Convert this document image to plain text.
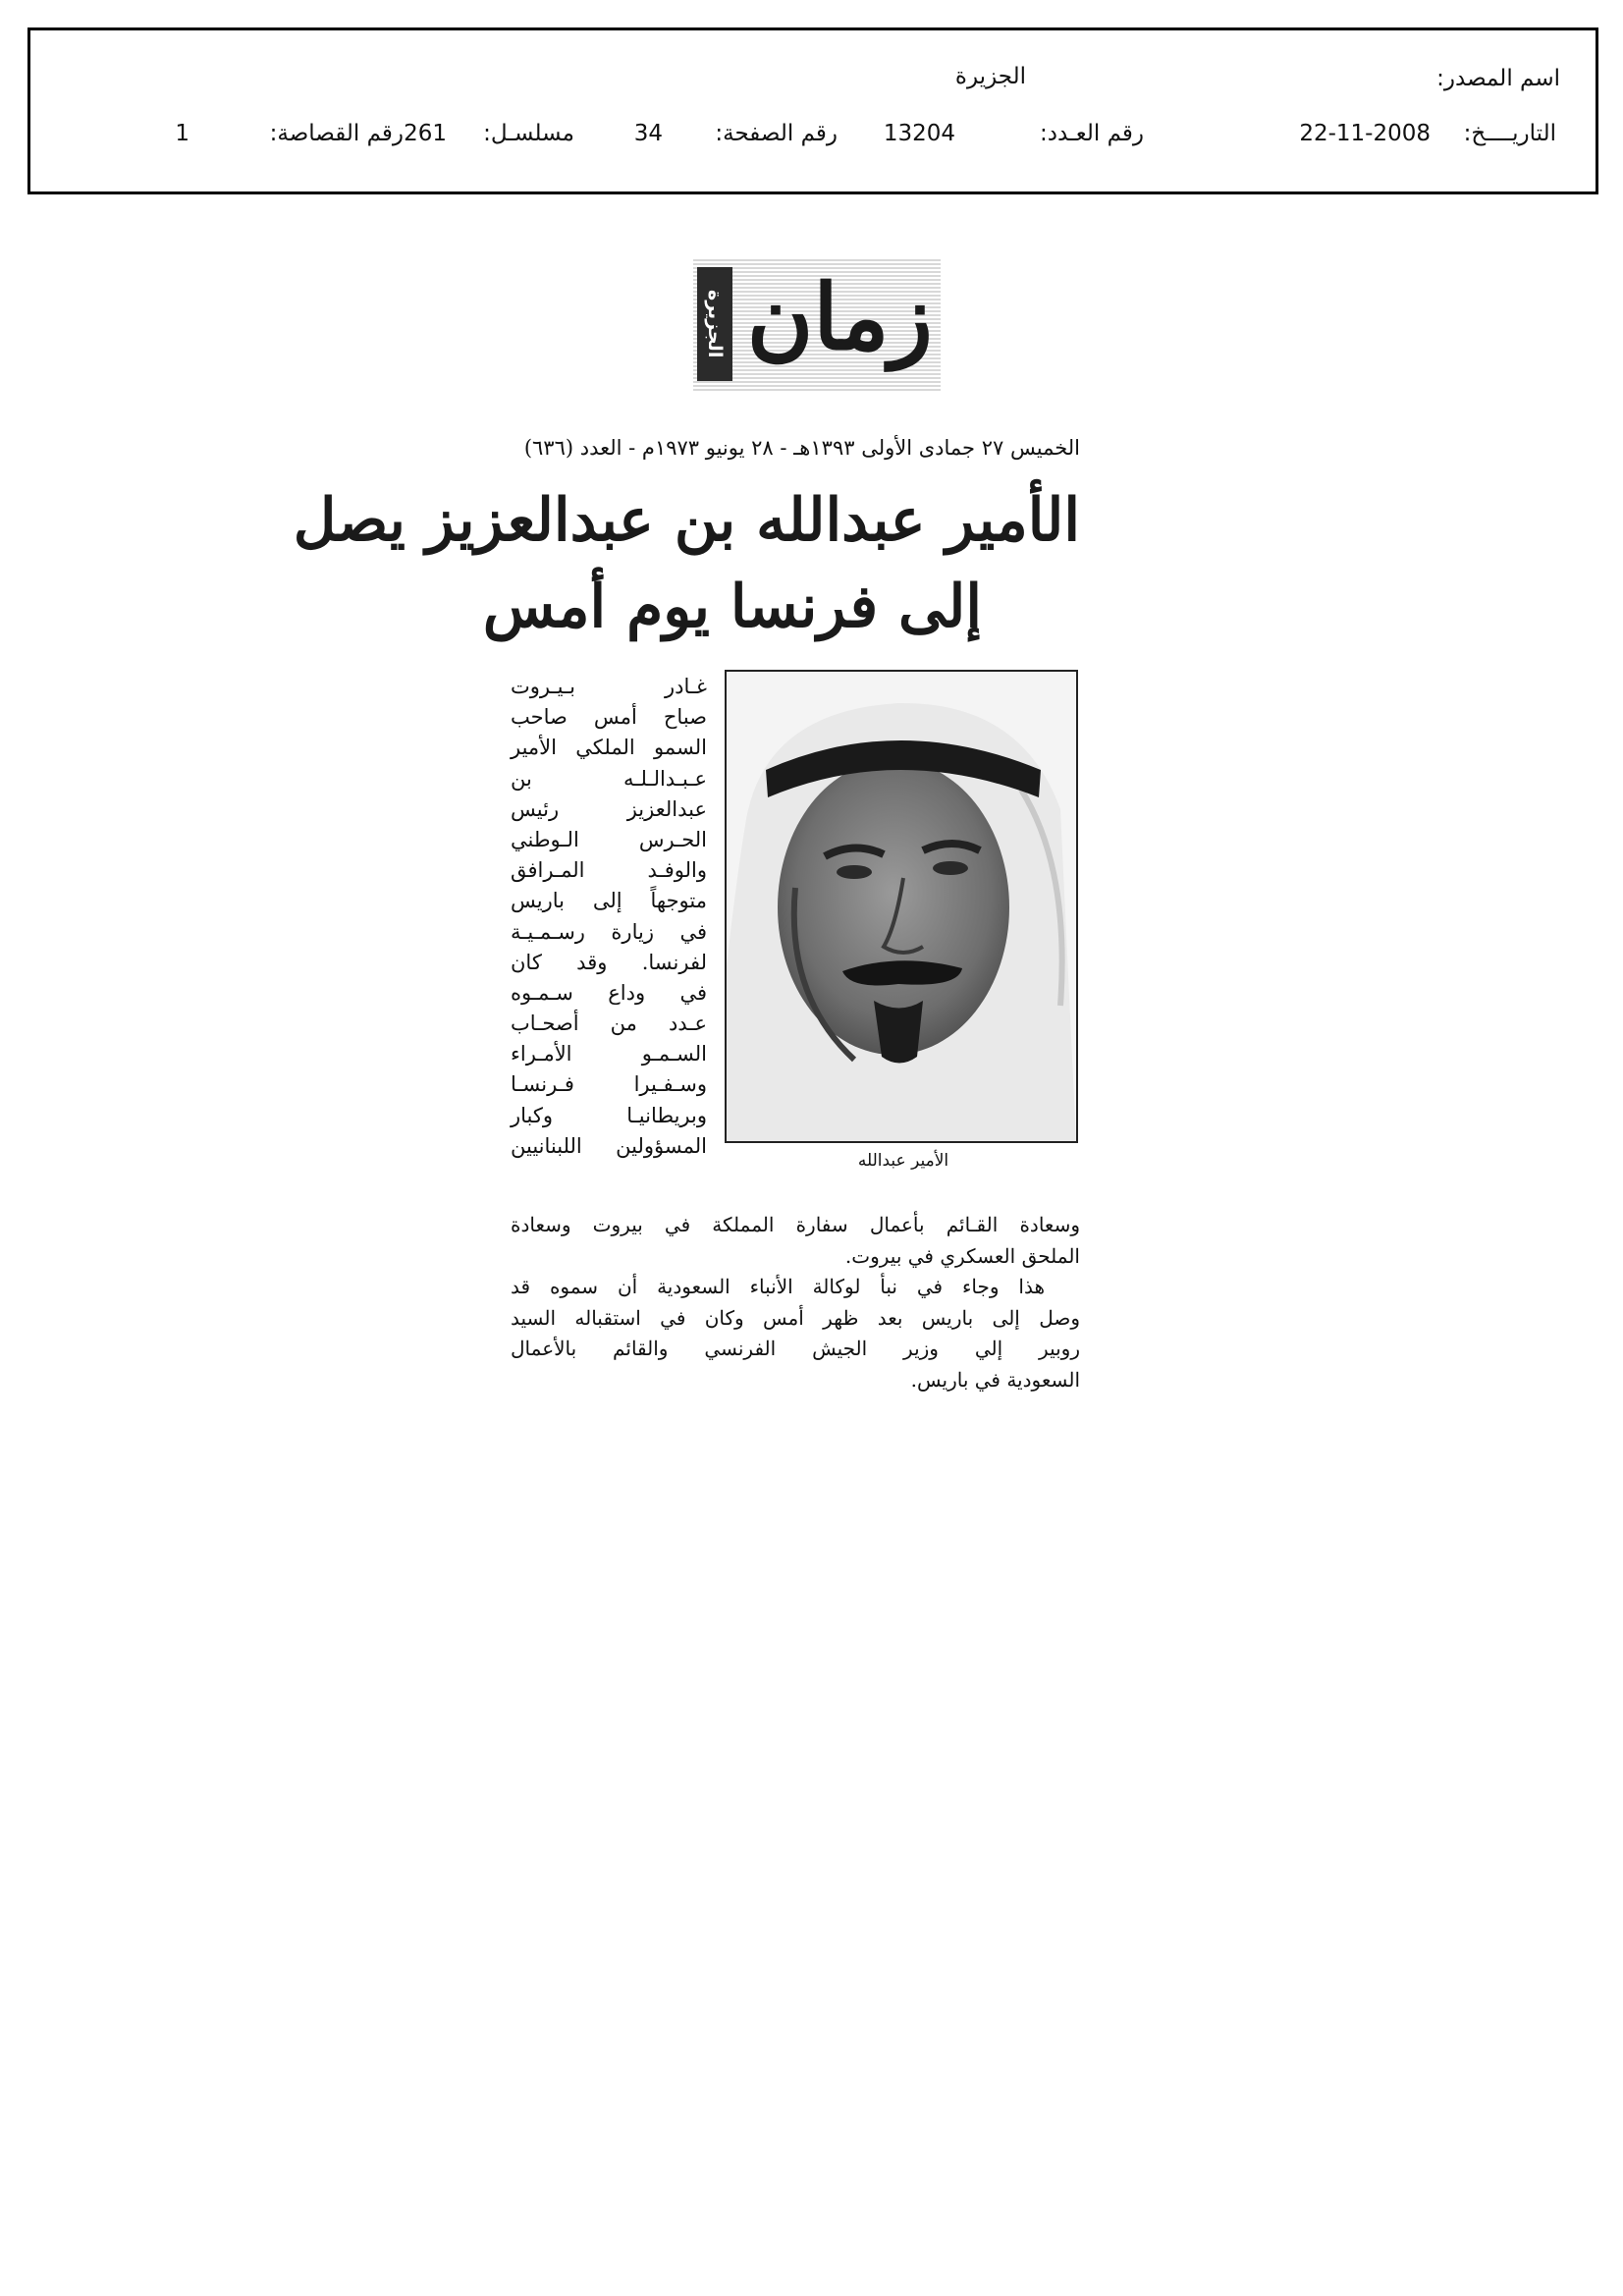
اسم المصدر:
الجزيرة
التاريــــخ:
22-11-2008
رقم العـدد:
13204
رقم الصفحة:
34
مسلسـل:
261
رقم القصاصة:
1
الجزيرة زمان
الخميس ٢٧ جمادى الأولى ١٣٩٣هـ - ٢٨ يونيو ١٩٧٣م - العدد (٦٣٦)
الأمير عبدالله بن عبدالعزيز يصل
إلى فرنسا يوم أمس
الأمير عبدالله
غـادر بـيـروت
صباح أمس صاحب
السمو الملكي الأمير
عـبـدالـلـه بن
عبدالعزيز رئيس
الحـرس الـوطني
والوفـد المـرافق
متوجهاً إلى باريس
في زيارة رسـمـيـة
لفرنسا. وقد كان
في وداع سـمـوه
عـدد من أصحـاب
السـمـو الأمـراء
وسـفـيرا فـرنسـا
وبريطانيـا وكبار
المسؤولين اللبنانيين
وسعادة القـائم بأعمال سفارة المملكة في بيروت وسعادة
الملحق العسكري في بيروت.
هذا وجاء في نبأ لوكالة الأنباء السعودية أن سموه قد
وصل إلى باريس بعد ظهر أمس وكان في استقباله السيد
روبير إلي وزير الجيش الفرنسي والقائم بالأعمال
السعودية في باريس.
